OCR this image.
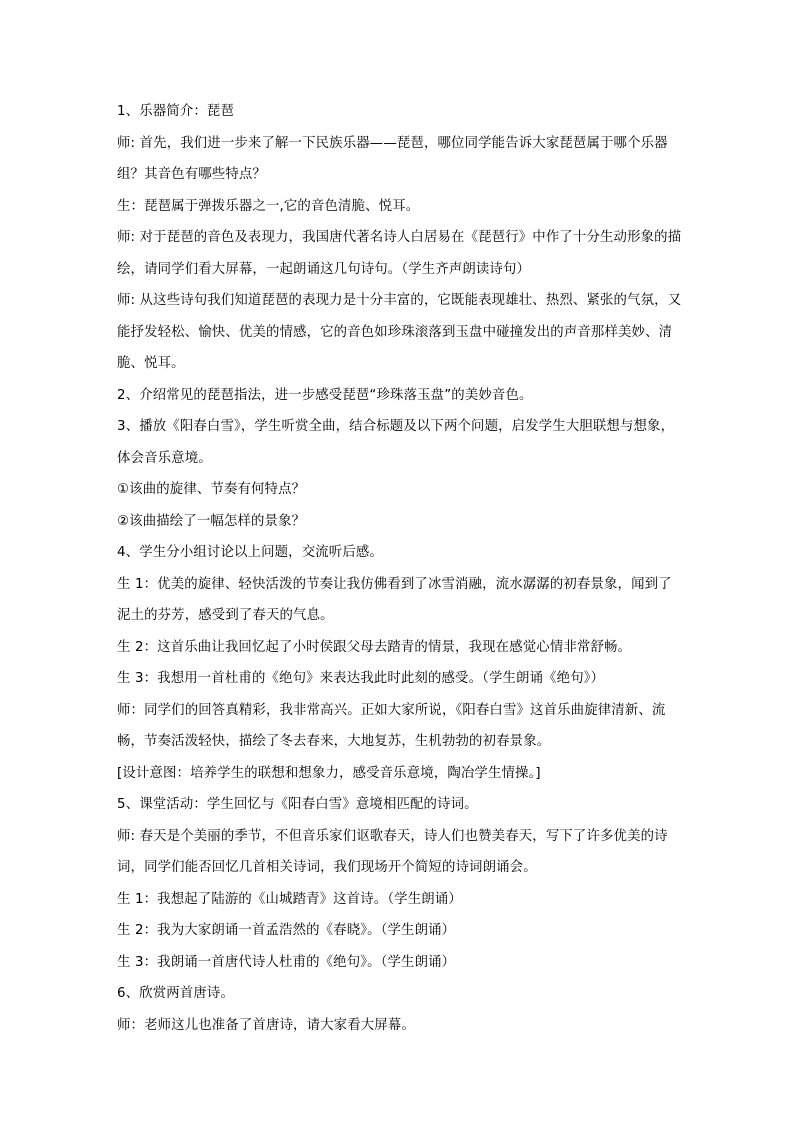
1、乐器简介：琵琶

师: 首先，我们进一步来了解一下民族乐器——琵琶，哪位同学能告诉大家琵琶属于哪个乐器组？其音色有哪些特点？

生：琵琶属于弹拨乐器之一,它的音色清脆、悦耳。

师: 对于琵琶的音色及表现力，我国唐代著名诗人白居易在《琵琶行》中作了十分生动形象的描绘，请同学们看大屏幕，一起朗诵这几句诗句。（学生齐声朗读诗句）

师: 从这些诗句我们知道琵琶的表现力是十分丰富的，它既能表现雄壮、热烈、紧张的气氛，又能抒发轻松、愉快、优美的情感，它的音色如珍珠滚落到玉盘中碰撞发出的声音那样美妙、清脆、悦耳。

2、介绍常见的琵琶指法，进一步感受琵琶“珍珠落玉盘”的美妙音色。

3、播放《阳春白雪》，学生听赏全曲，结合标题及以下两个问题，启发学生大胆联想与想象，体会音乐意境。

①该曲的旋律、节奏有何特点？

②该曲描绘了一幅怎样的景象？

4、学生分小组讨论以上问题，交流听后感。

生 1：优美的旋律、轻快活泼的节奏让我仿佛看到了冰雪消融，流水潺潺的初春景象，闻到了泥土的芬芳，感受到了春天的气息。

生 2：这首乐曲让我回忆起了小时侯跟父母去踏青的情景，我现在感觉心情非常舒畅。

生 3：我想用一首杜甫的《绝句》来表达我此时此刻的感受。（学生朗诵《绝句》）

师：同学们的回答真精彩，我非常高兴。正如大家所说，《阳春白雪》这首乐曲旋律清新、流畅，节奏活泼轻快，描绘了冬去春来，大地复苏，生机勃勃的初春景象。

[设计意图：培养学生的联想和想象力，感受音乐意境，陶冶学生情操。]

5、课堂活动：学生回忆与《阳春白雪》意境相匹配的诗词。

师: 春天是个美丽的季节，不但音乐家们讴歌春天，诗人们也赞美春天，写下了许多优美的诗词，同学们能否回忆几首相关诗词，我们现场开个简短的诗词朗诵会。

生 1：我想起了陆游的《山城踏青》这首诗。（学生朗诵）

生 2：我为大家朗诵一首孟浩然的《春晓》。（学生朗诵）

生 3：我朗诵一首唐代诗人杜甫的《绝句》。（学生朗诵）

6、欣赏两首唐诗。

师：老师这儿也准备了首唐诗，请大家看大屏幕。
